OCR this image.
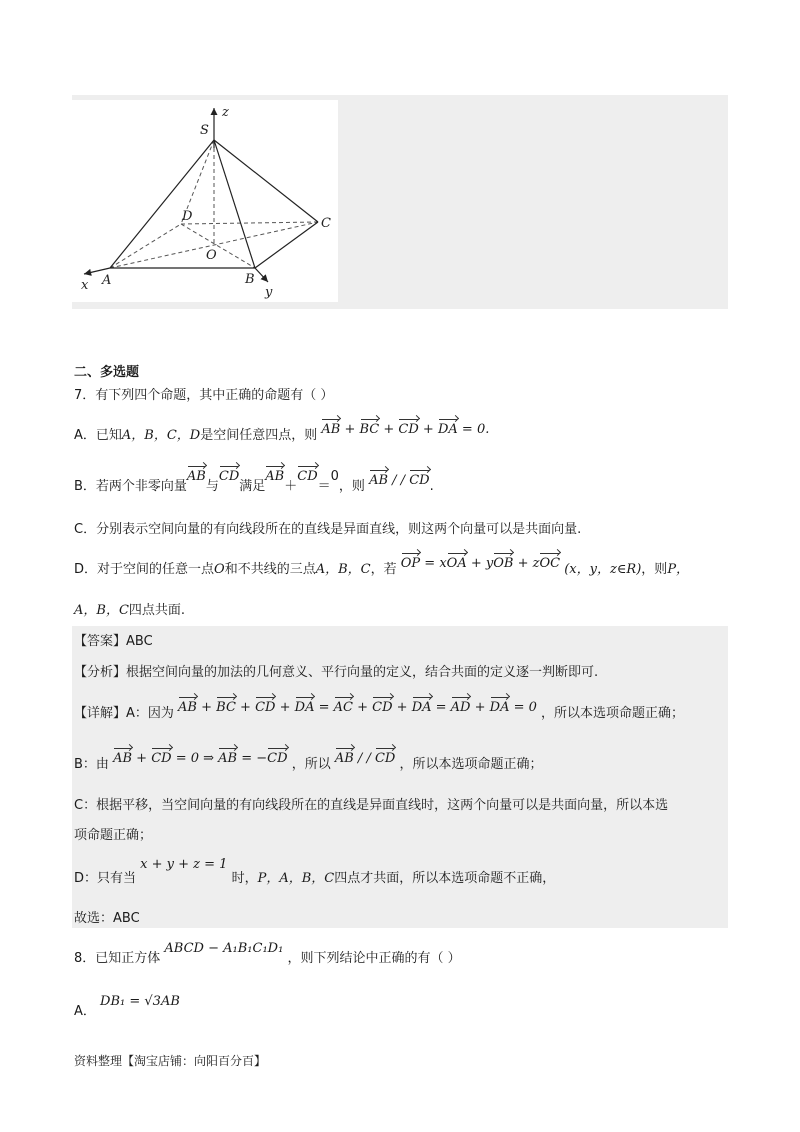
z
S
D	C
O
x A	B
y
二、多选题
7．有下列四个命题，其中正确的命题有（ ）
A．已知A，B，C，D是空间任意四点，则 AB + BC + CD + DA = 0.
B．若两个非零向量AB与CD满足AB＋CD＝0，则 AB / / CD.
C．分别表示空间向量的有向线段所在的直线是异面直线，则这两个向量可以是共面向量.
D．对于空间的任意一点O和不共线的三点A，B，C，若 OP = xOA + yOB + zOC (x，y，z∈R)，则P，
A，B，C四点共面.
【答案】ABC
【分析】根据空间向量的加法的几何意义、平行向量的定义，结合共面的定义逐一判断即可.
【详解】A：因为 AB + BC + CD + DA = AC + CD + DA = AD + DA = 0 ，所以本选项命题正确；
B：由 AB + CD = 0 ⇒ AB = −CD ，所以 AB / / CD ，所以本选项命题正确；
C：根据平移，当空间向量的有向线段所在的直线是异面直线时，这两个向量可以是共面向量，所以本选
项命题正确；
D：只有当 x + y + z = 1 时，P，A，B，C四点才共面，所以本选项命题不正确，
故选：ABC
8．已知正方体 ABCD − A₁B₁C₁D₁ ，则下列结论中正确的有（ ）
A． DB₁ = √3AB
资料整理【淘宝店铺：向阳百分百】
